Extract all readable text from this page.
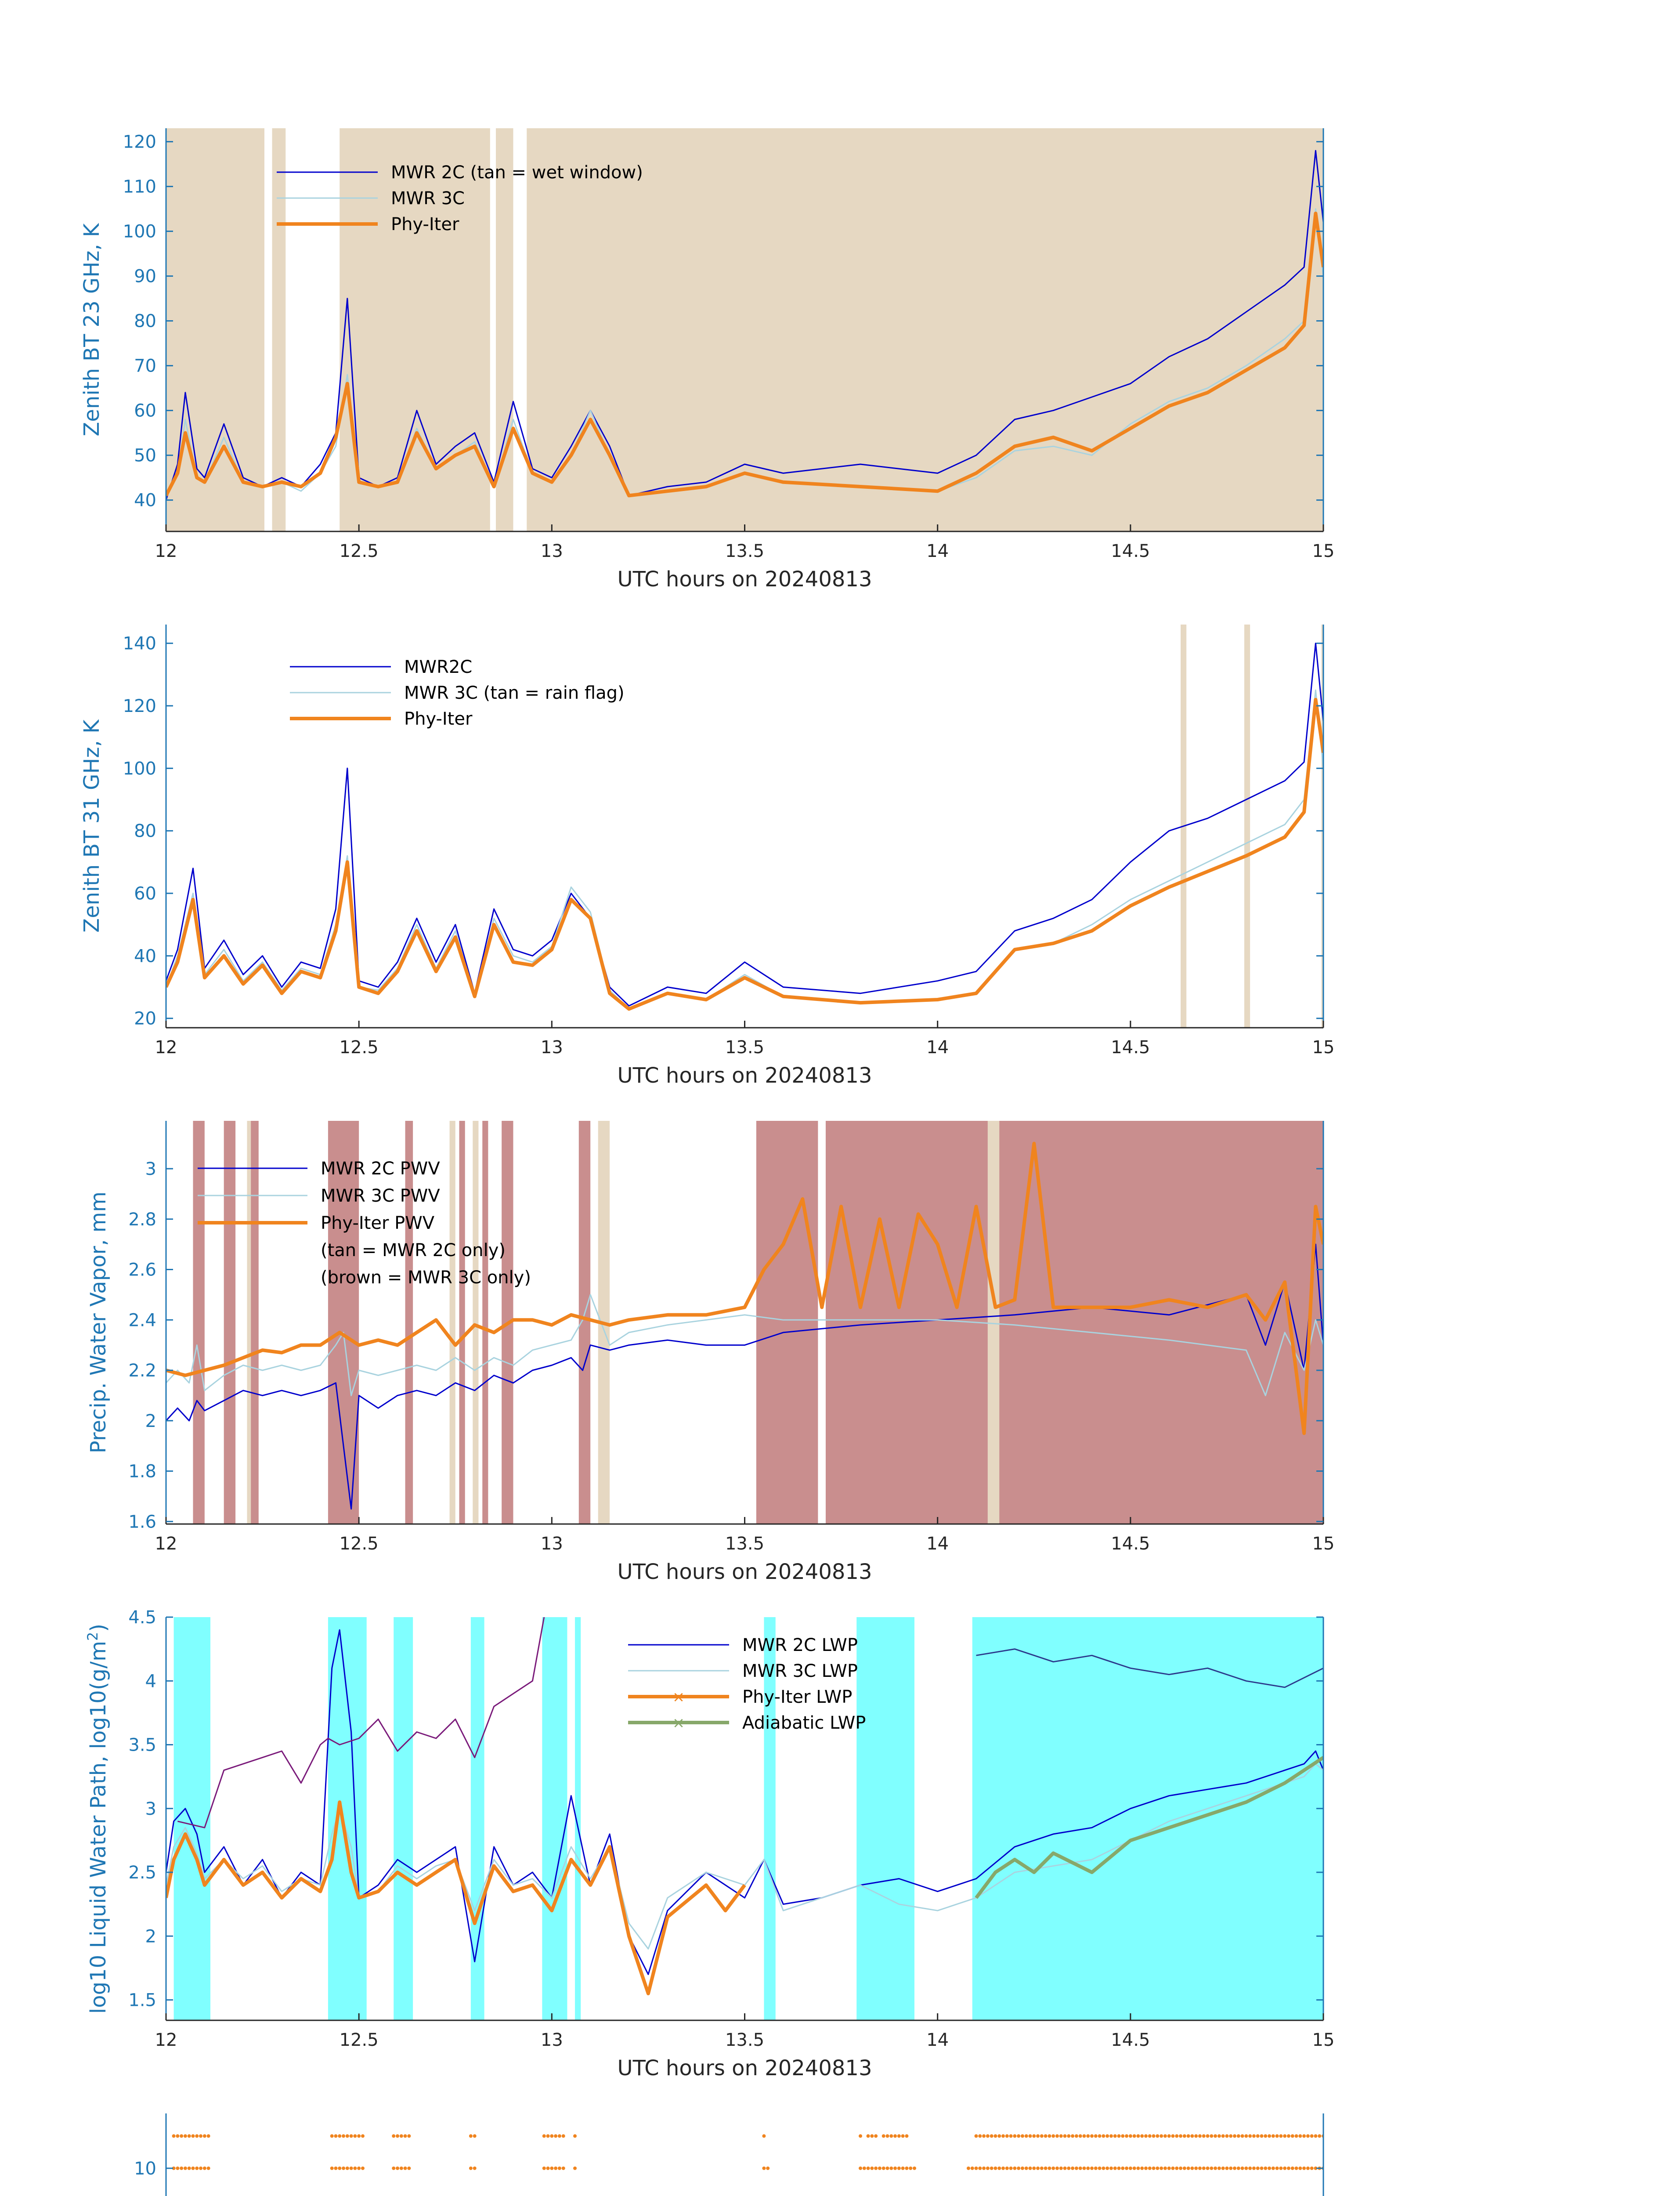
12	12.5	13	13.5	14	14.5	15
40
50
60
70
80
90
100
110
120
UTC hours on 20240813
Zenith BT 23 GHz, K
MWR 2C (tan = wet window)
MWR 3C
Phy-Iter
12	12.5	13	13.5	14	14.5	15
20
40
60
80
100
120
140
UTC hours on 20240813
Zenith BT 31 GHz, K
MWR2C
MWR 3C (tan = rain flag)
Phy-Iter
12	12.5	13	13.5	14	14.5	15
1.6
1.8
2
2.2
2.4
2.6
2.8
3
UTC hours on 20240813
Precip. Water Vapor, mm
MWR 2C PWV
MWR 3C PWV
Phy-Iter PWV
(tan = MWR 2C only)
(brown = MWR 3C only)
12	12.5	13	13.5	14	14.5	15
1.5
2
2.5
3
3.5
4
4.5
UTC hours on 20240813
log10 Liquid Water Path, $\log 10(g/m^2)$
MWR 2C LWP
MWR 3C LWP
×	Phy-Iter LWP
×	Adiabatic LWP
10
